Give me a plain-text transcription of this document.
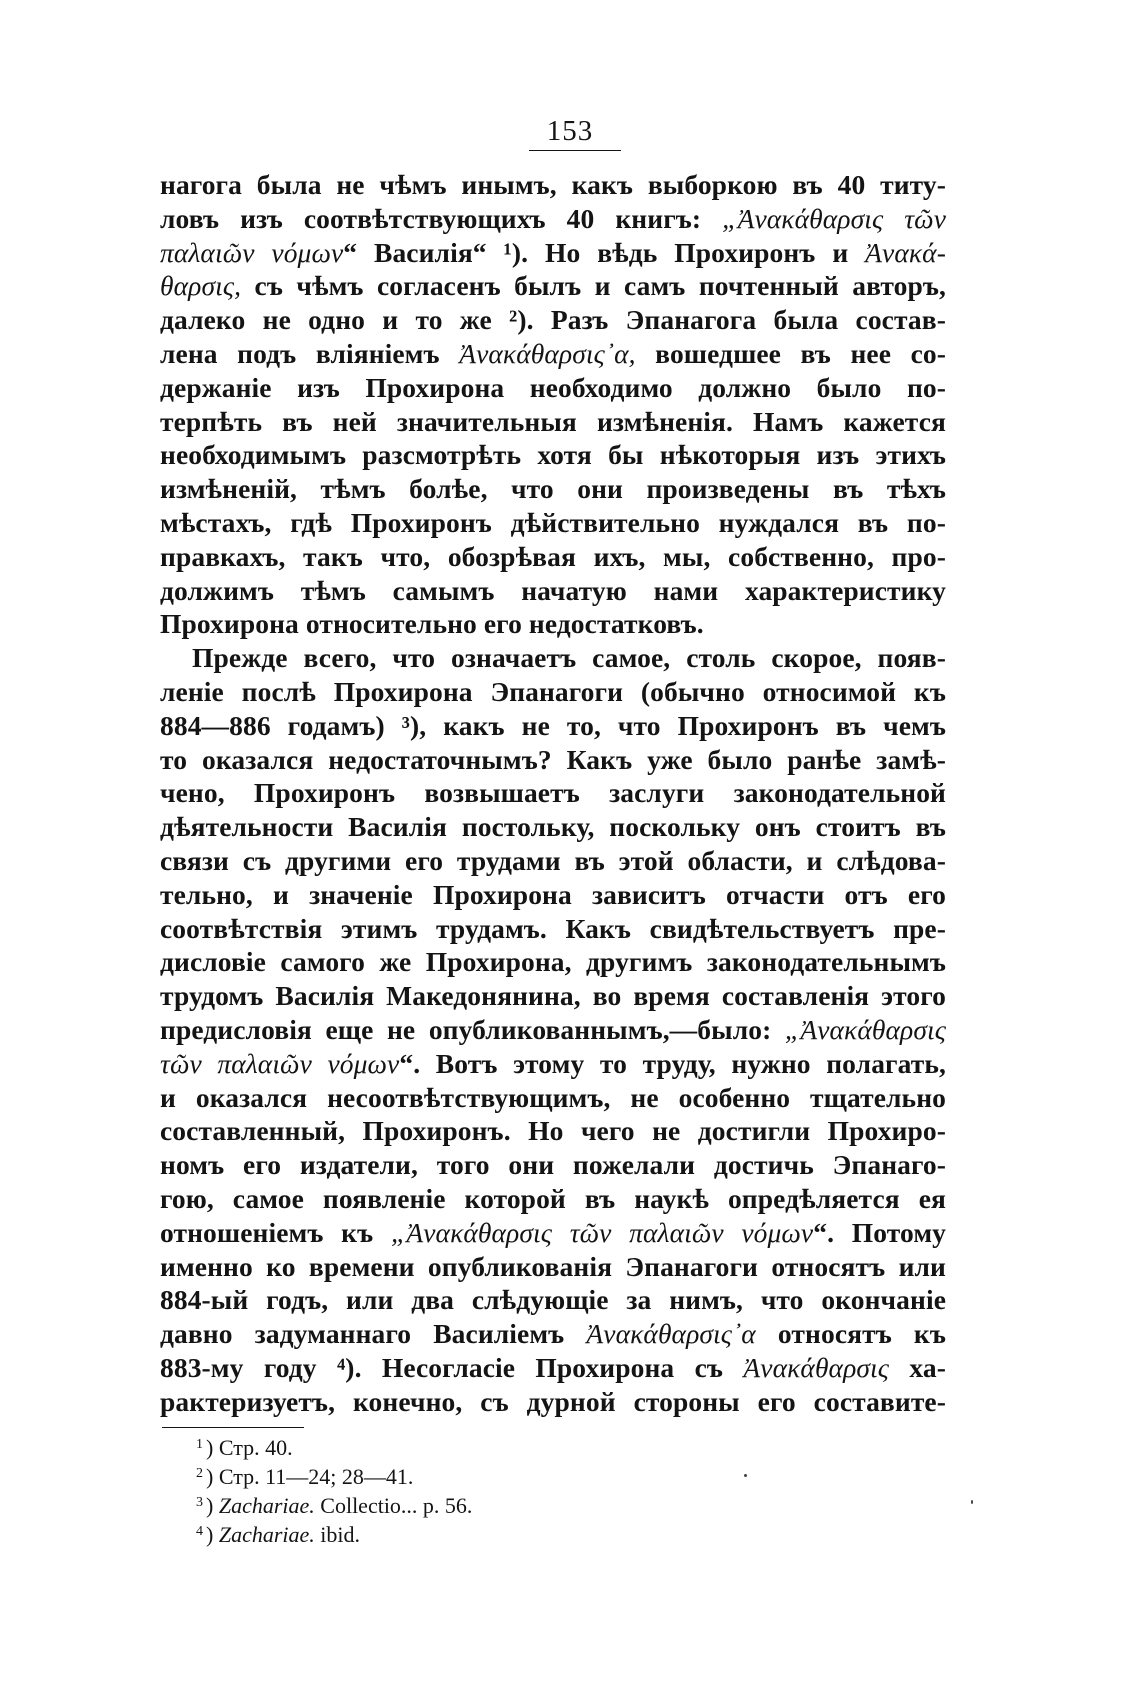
153
нагога была не чѣмъ инымъ, какъ выборкою въ 40 титу-
ловъ изъ соотвѣтствующихъ 40 книгъ: „Ἀνακάθαρσις τῶν
παλαιῶν νόμων“ Василія“ ¹). Но вѣдь Прохиронъ и Ἀνακά-
θαρσις, съ чѣмъ согласенъ былъ и самъ почтенный авторъ,
далеко не одно и то же ²). Разъ Эпанагога была состав-
лена подъ вліяніемъ Ἀνακάθαρσις᾽α, вошедшее въ нее со-
держаніе изъ Прохирона необходимо должно было по-
терпѣть въ ней значительныя измѣненія. Намъ кажется
необходимымъ разсмотрѣть хотя бы нѣкоторыя изъ этихъ
измѣненій, тѣмъ болѣе, что они произведены въ тѣхъ
мѣстахъ, гдѣ Прохиронъ дѣйствительно нуждался въ по-
правкахъ, такъ что, обозрѣвая ихъ, мы, собственно, про-
должимъ тѣмъ самымъ начатую нами характеристику
Прохирона относительно его недостатковъ.
Прежде всего, что означаетъ самое, столь скорое, появ-
леніе послѣ Прохирона Эпанагоги (обычно относимой къ
884—886 годамъ) ³), какъ не то, что Прохиронъ въ чемъ
то оказался недостаточнымъ? Какъ уже было ранѣе замѣ-
чено, Прохиронъ возвышаетъ заслуги законодательной
дѣятельности Василія постольку, поскольку онъ стоитъ въ
связи съ другими его трудами въ этой области, и слѣдова-
тельно, и значеніе Прохирона зависитъ отчасти отъ его
соотвѣтствія этимъ трудамъ. Какъ свидѣтельствуетъ пре-
дисловіе самого же Прохирона, другимъ законодательнымъ
трудомъ Василія Македонянина, во время составленія этого
предисловія еще не опубликованнымъ,—было: „Ἀνακάθαρσις
τῶν παλαιῶν νόμων“. Вотъ этому то труду, нужно полагать,
и оказался несоотвѣтствующимъ, не особенно тщательно
составленный, Прохиронъ. Но чего не достигли Прохиро-
номъ его издатели, того они пожелали достичь Эпанаго-
гою, самое появленіе которой въ наукѣ опредѣляется ея
отношеніемъ къ „Ἀνακάθαρσις τῶν παλαιῶν νόμων“. Потому
именно ко времени опубликованія Эпанагоги относятъ или
884-ый годъ, или два слѣдующіе за нимъ, что окончаніе
давно задуманнаго Василіемъ Ἀνακάθαρσις᾽α относятъ къ
883-му году ⁴). Несогласіе Прохирона съ Ἀνακάθαρσις ха-
рактеризуетъ, конечно, съ дурной стороны его составите-
$^1$ ) Стр. 40.
$^2$ ) Стр. 11—24; 28—41.
$^3$ ) Zachariae. Collectio... p. 56.
$^4$ ) Zachariae. ibid.
